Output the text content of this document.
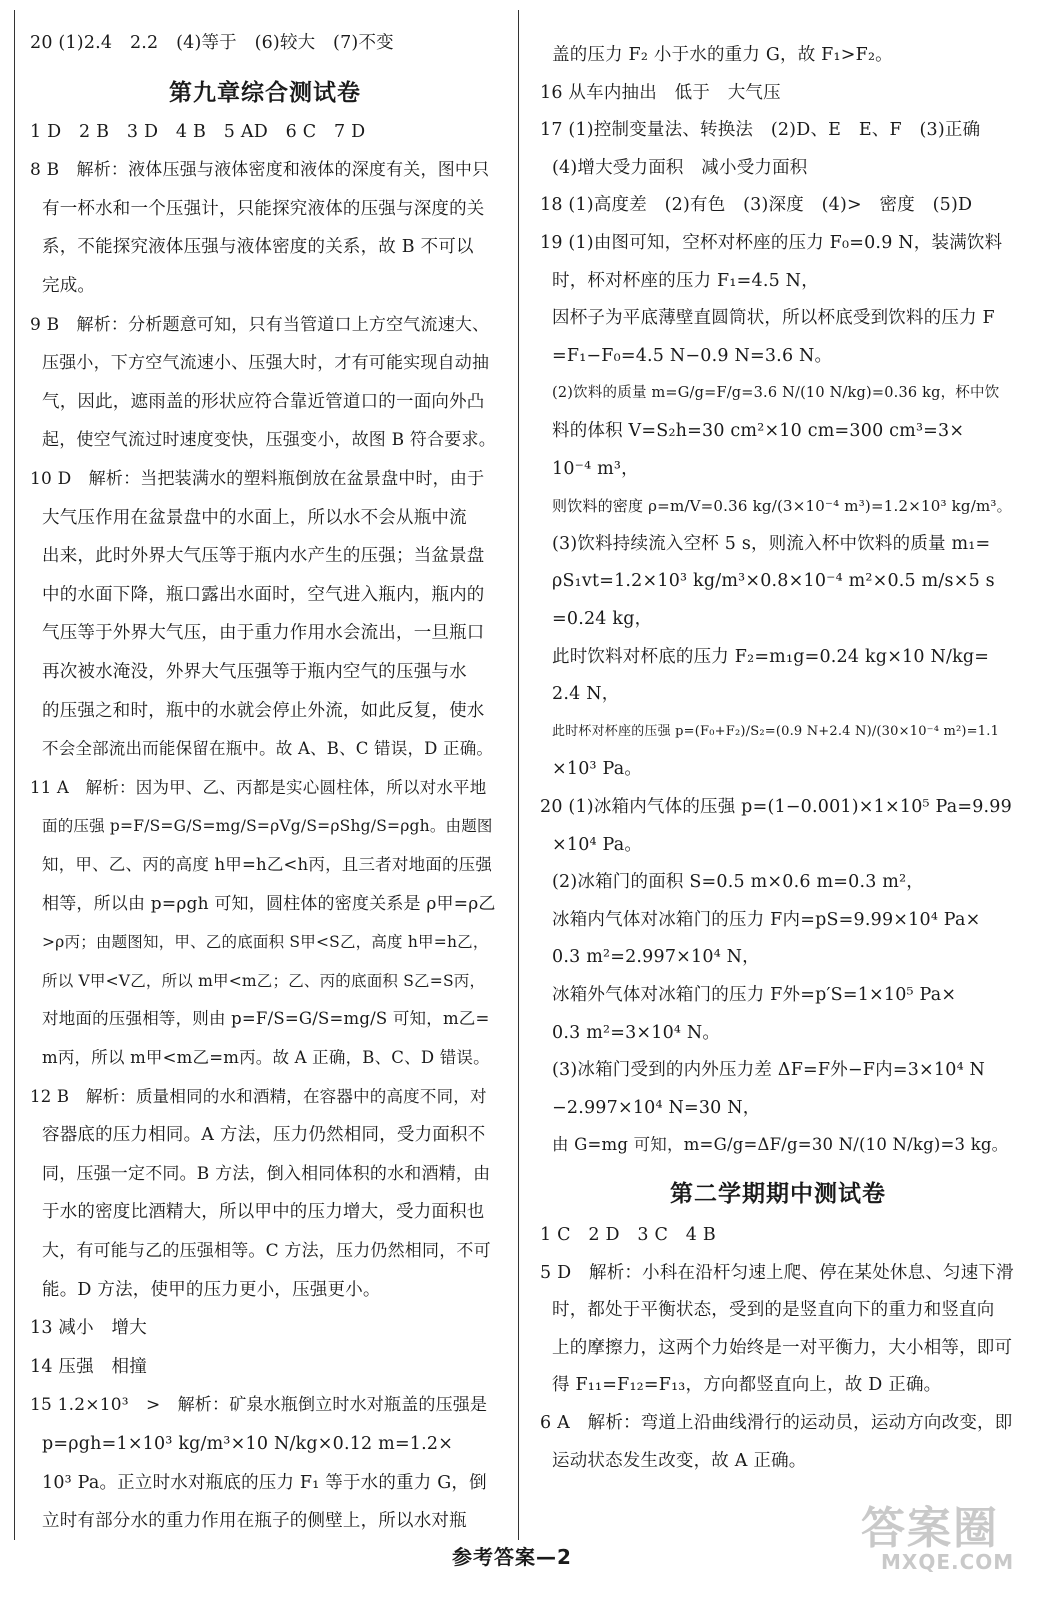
20 (1)2.4　2.2　(4)等于　(6)较大　(7)不变
第九章综合测试卷
1 D　2 B　3 D　4 B　5 AD　6 C　7 D
8 B　解析：液体压强与液体密度和液体的深度有关，图中只
有一杯水和一个压强计，只能探究液体的压强与深度的关
系，不能探究液体压强与液体密度的关系，故 B 不可以
完成。
9 B　解析：分析题意可知，只有当管道口上方空气流速大、
压强小，下方空气流速小、压强大时，才有可能实现自动抽
气，因此，遮雨盖的形状应符合靠近管道口的一面向外凸
起，使空气流过时速度变快，压强变小，故图 B 符合要求。
10 D　解析：当把装满水的塑料瓶倒放在盆景盘中时，由于
大气压作用在盆景盘中的水面上，所以水不会从瓶中流
出来，此时外界大气压等于瓶内水产生的压强；当盆景盘
中的水面下降，瓶口露出水面时，空气进入瓶内，瓶内的
气压等于外界大气压，由于重力作用水会流出，一旦瓶口
再次被水淹没，外界大气压强等于瓶内空气的压强与水
的压强之和时，瓶中的水就会停止外流，如此反复，使水
不会全部流出而能保留在瓶中。故 A、B、C 错误，D 正确。
11 A　解析：因为甲、乙、丙都是实心圆柱体，所以对水平地
面的压强 p=F/S=G/S=mg/S=ρVg/S=ρShg/S=ρgh。由题图
知，甲、乙、丙的高度 h甲=h乙<h丙，且三者对地面的压强
相等，所以由 p=ρgh 可知，圆柱体的密度关系是 ρ甲=ρ乙
>ρ丙；由题图知，甲、乙的底面积 S甲<S乙，高度 h甲=h乙，
所以 V甲<V乙，所以 m甲<m乙；乙、丙的底面积 S乙=S丙，
对地面的压强相等，则由 p=F/S=G/S=mg/S 可知，m乙=
m丙，所以 m甲<m乙=m丙。故 A 正确，B、C、D 错误。
12 B　解析：质量相同的水和酒精，在容器中的高度不同，对
容器底的压力相同。A 方法，压力仍然相同，受力面积不
同，压强一定不同。B 方法，倒入相同体积的水和酒精，由
于水的密度比酒精大，所以甲中的压力增大，受力面积也
大，有可能与乙的压强相等。C 方法，压力仍然相同，不可
能。D 方法，使甲的压力更小，压强更小。
13 减小　增大
14 压强　相撞
15 1.2×10³　>　解析：矿泉水瓶倒立时水对瓶盖的压强是
p=ρgh=1×10³ kg/m³×10 N/kg×0.12 m=1.2×
10³ Pa。正立时水对瓶底的压力 F₁ 等于水的重力 G，倒
立时有部分水的重力作用在瓶子的侧壁上，所以水对瓶
盖的压力 F₂ 小于水的重力 G，故 F₁>F₂。
16 从车内抽出　低于　大气压
17 (1)控制变量法、转换法　(2)D、E　E、F　(3)正确
(4)增大受力面积　减小受力面积
18 (1)高度差　(2)有色　(3)深度　(4)>　密度　(5)D
19 (1)由图可知，空杯对杯座的压力 F₀=0.9 N，装满饮料
时，杯对杯座的压力 F₁=4.5 N，
因杯子为平底薄壁直圆筒状，所以杯底受到饮料的压力 F
=F₁−F₀=4.5 N−0.9 N=3.6 N。
(2)饮料的质量 m=G/g=F/g=3.6 N/(10 N/kg)=0.36 kg，杯中饮
料的体积 V=S₂h=30 cm²×10 cm=300 cm³=3×
10⁻⁴ m³，
则饮料的密度 ρ=m/V=0.36 kg/(3×10⁻⁴ m³)=1.2×10³ kg/m³。
(3)饮料持续流入空杯 5 s，则流入杯中饮料的质量 m₁=
ρS₁vt=1.2×10³ kg/m³×0.8×10⁻⁴ m²×0.5 m/s×5 s
=0.24 kg，
此时饮料对杯底的压力 F₂=m₁g=0.24 kg×10 N/kg=
2.4 N，
此时杯对杯座的压强 p=(F₀+F₂)/S₂=(0.9 N+2.4 N)/(30×10⁻⁴ m²)=1.1
×10³ Pa。
20 (1)冰箱内气体的压强 p=(1−0.001)×1×10⁵ Pa=9.99
×10⁴ Pa。
(2)冰箱门的面积 S=0.5 m×0.6 m=0.3 m²，
冰箱内气体对冰箱门的压力 F内=pS=9.99×10⁴ Pa×
0.3 m²=2.997×10⁴ N，
冰箱外气体对冰箱门的压力 F外=p′S=1×10⁵ Pa×
0.3 m²=3×10⁴ N。
(3)冰箱门受到的内外压力差 ΔF=F外−F内=3×10⁴ N
−2.997×10⁴ N=30 N，
由 G=mg 可知，m=G/g=ΔF/g=30 N/(10 N/kg)=3 kg。
第二学期期中测试卷
1 C　2 D　3 C　4 B
5 D　解析：小科在沿杆匀速上爬、停在某处休息、匀速下滑
时，都处于平衡状态，受到的是竖直向下的重力和竖直向
上的摩擦力，这两个力始终是一对平衡力，大小相等，即可
得 F₁₁=F₁₂=F₁₃，方向都竖直向上，故 D 正确。
6 A　解析：弯道上沿曲线滑行的运动员，运动方向改变，即
运动状态发生改变，故 A 正确。
参考答案—2
答案圈
MXQE.COM
